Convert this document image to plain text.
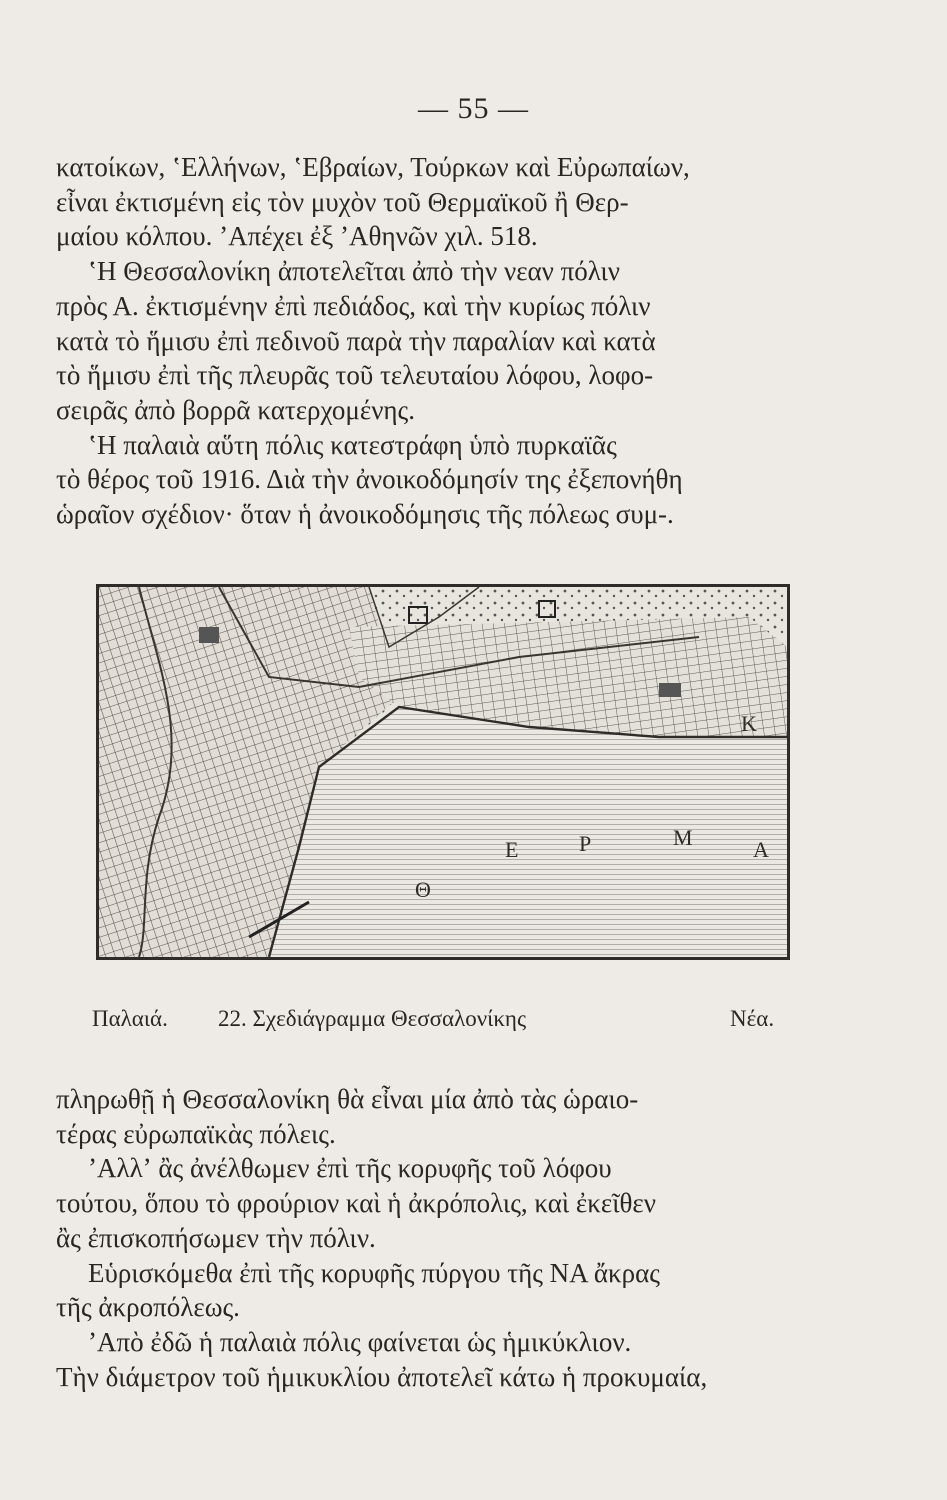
— 55 —
κατοίκων, ʽΕλλήνων, ʽΕβραίων, Τούρκων καὶ Εὐρωπαίων,
εἶναι ἐκτισμένη εἰς τὸν μυχὸν τοῦ Θερμαϊκοῦ ἢ Θερ-
μαίου κόλπου. ʼΑπέχει ἐξ ʼΑθηνῶν χιλ. 518.
ʽΗ Θεσσαλονίκη ἀποτελεῖται ἀπὸ τὴν νεαν πόλιν
πρὸς Α. ἐκτισμένην ἐπὶ πεδιάδος, καὶ τὴν κυρίως πόλιν
κατὰ τὸ ἥμισυ ἐπὶ πεδινοῦ παρὰ τὴν παραλίαν καὶ κατὰ
τὸ ἥμισυ ἐπὶ τῆς πλευρᾶς τοῦ τελευταίου λόφου, λοφο-
σειρᾶς ἀπὸ βορρᾶ κατερχομένης.
ʽΗ παλαιὰ αὕτη πόλις κατεστράφη ὑπὸ πυρκαϊᾶς
τὸ θέρος τοῦ 1916. Διὰ τὴν ἀνοικοδόμησίν της ἐξεπονήθη
ὡραῖον σχέδιον· ὅταν ἡ ἀνοικοδόμησις τῆς πόλεως συμ-.
Θ
Ε	Ρ	Μ	Α
Κ
Παλαιά. 22. Σχεδιάγραμμα Θεσσαλονίκης	Νέα.
πληρωθῇ ἡ Θεσσαλονίκη θὰ εἶναι μία ἀπὸ τὰς ὡραιο-
τέρας εὐρωπαϊκὰς πόλεις.
ʼΑλλʼ ἂς ἀνέλθωμεν ἐπὶ τῆς κορυφῆς τοῦ λόφου
τούτου, ὅπου τὸ φρούριον καὶ ἡ ἀκρόπολις, καὶ ἐκεῖθεν
ἂς ἐπισκοπήσωμεν τὴν πόλιν.
Εὑρισκόμεθα ἐπὶ τῆς κορυφῆς πύργου τῆς ΝΑ ἄκρας
τῆς ἀκροπόλεως.
ʼΑπὸ ἐδῶ ἡ παλαιὰ πόλις φαίνεται ὡς ἡμικύκλιον.
Τὴν διάμετρον τοῦ ἡμικυκλίου ἀποτελεῖ κάτω ἡ προκυμαία,
